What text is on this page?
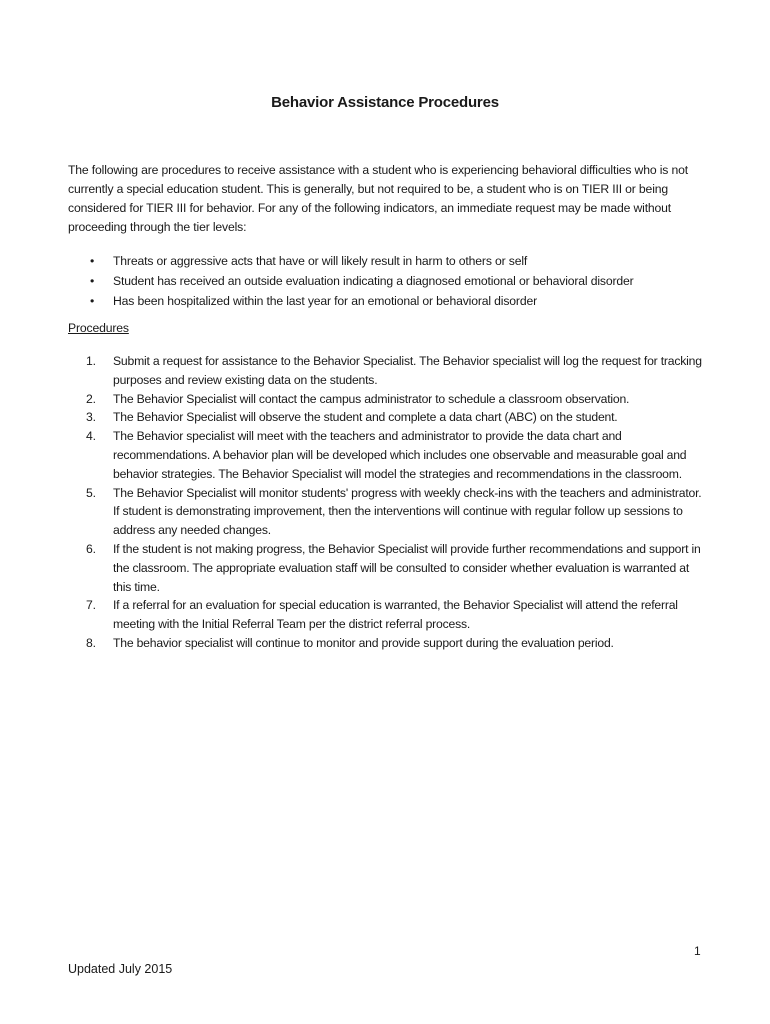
Behavior Assistance Procedures
The following are procedures to receive assistance with a student who is experiencing behavioral difficulties who is not currently a special education student. This is generally, but not required to be, a student who is on TIER III or being considered for TIER III for behavior. For any of the following indicators, an immediate request may be made without proceeding through the tier levels:
• Threats or aggressive acts that have or will likely result in harm to others or self
• Student has received an outside evaluation indicating a diagnosed emotional or behavioral disorder
• Has been hospitalized within the last year for an emotional or behavioral disorder
Procedures
1. Submit a request for assistance to the Behavior Specialist. The Behavior specialist will log the request for tracking purposes and review existing data on the students.
2. The Behavior Specialist will contact the campus administrator to schedule a classroom observation.
3. The Behavior Specialist will observe the student and complete a data chart (ABC) on the student.
4. The Behavior specialist will meet with the teachers and administrator to provide the data chart and recommendations. A behavior plan will be developed which includes one observable and measurable goal and behavior strategies. The Behavior Specialist will model the strategies and recommendations in the classroom.
5. The Behavior Specialist will monitor students' progress with weekly check-ins with the teachers and administrator. If student is demonstrating improvement, then the interventions will continue with regular follow up sessions to address any needed changes.
6. If the student is not making progress, the Behavior Specialist will provide further recommendations and support in the classroom. The appropriate evaluation staff will be consulted to consider whether evaluation is warranted at this time.
7. If a referral for an evaluation for special education is warranted, the Behavior Specialist will attend the referral meeting with the Initial Referral Team per the district referral process.
8. The behavior specialist will continue to monitor and provide support during the evaluation period.
1
Updated July 2015
